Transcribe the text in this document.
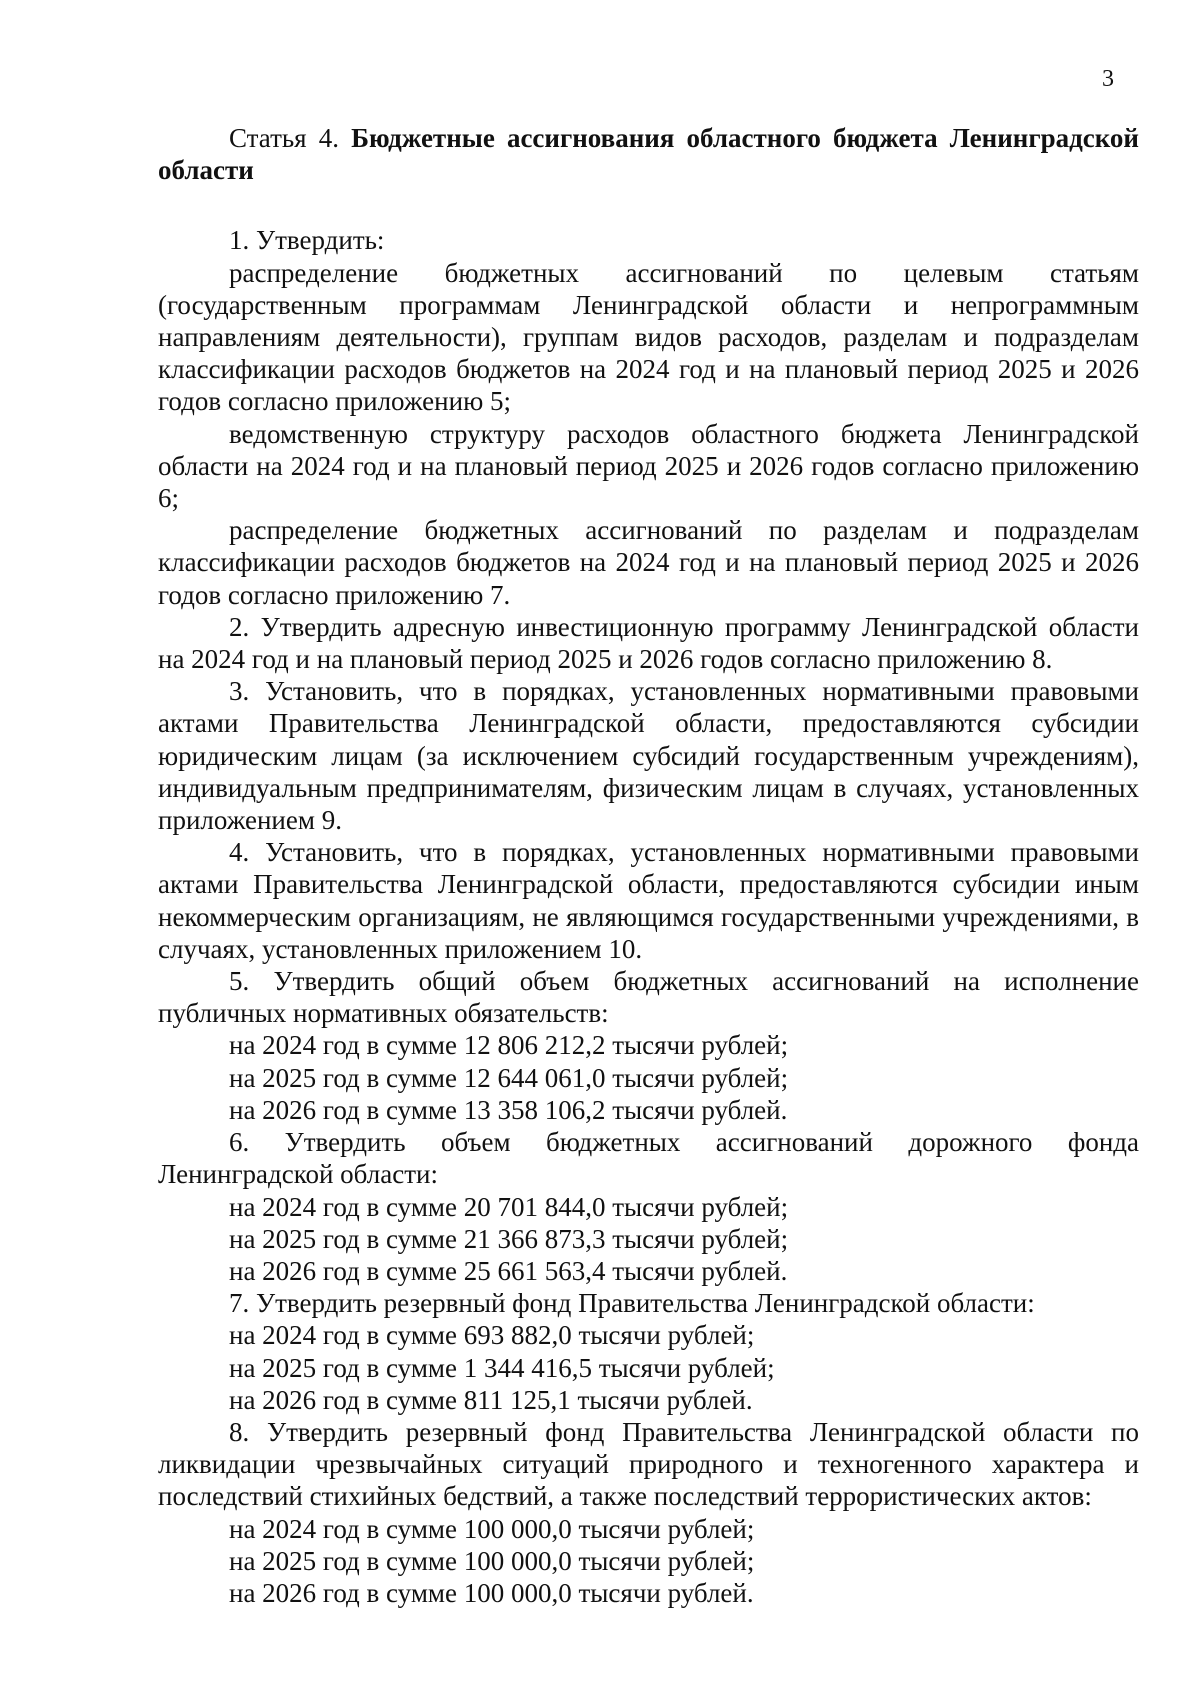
3
Статья 4. Бюджетные ассигнования областного бюджета Ленинградской области

1. Утвердить:

распределение бюджетных ассигнований по целевым статьям (государственным программам Ленинградской области и непрограммным направлениям деятельности), группам видов расходов, разделам и подразделам классификации расходов бюджетов на 2024 год и на плановый период 2025 и 2026 годов согласно приложению 5;

ведомственную структуру расходов областного бюджета Ленинградской области на 2024 год и на плановый период 2025 и 2026 годов согласно приложению 6;

распределение бюджетных ассигнований по разделам и подразделам классификации расходов бюджетов на 2024 год и на плановый период 2025 и 2026 годов согласно приложению 7.

2. Утвердить адресную инвестиционную программу Ленинградской области на 2024 год и на плановый период 2025 и 2026 годов согласно приложению 8.

3. Установить, что в порядках, установленных нормативными правовыми актами Правительства Ленинградской области, предоставляются субсидии юридическим лицам (за исключением субсидий государственным учреждениям), индивидуальным предпринимателям, физическим лицам в случаях, установленных приложением 9.

4. Установить, что в порядках, установленных нормативными правовыми актами Правительства Ленинградской области, предоставляются субсидии иным некоммерческим организациям, не являющимся государственными учреждениями, в случаях, установленных приложением 10.

5. Утвердить общий объем бюджетных ассигнований на исполнение публичных нормативных обязательств:

на 2024 год в сумме 12 806 212,2 тысячи рублей;

на 2025 год в сумме 12 644 061,0 тысячи рублей;

на 2026 год в сумме 13 358 106,2 тысячи рублей.

6. Утвердить объем бюджетных ассигнований дорожного фонда Ленинградской области:

на 2024 год в сумме 20 701 844,0 тысячи рублей;

на 2025 год в сумме 21 366 873,3 тысячи рублей;

на 2026 год в сумме 25 661 563,4 тысячи рублей.

7. Утвердить резервный фонд Правительства Ленинградской области:

на 2024 год в сумме 693 882,0 тысячи рублей;

на 2025 год в сумме 1 344 416,5 тысячи рублей;

на 2026 год в сумме 811 125,1 тысячи рублей.

8. Утвердить резервный фонд Правительства Ленинградской области по ликвидации чрезвычайных ситуаций природного и техногенного характера и последствий стихийных бедствий, а также последствий террористических актов:

на 2024 год в сумме 100 000,0 тысячи рублей;

на 2025 год в сумме 100 000,0 тысячи рублей;

на 2026 год в сумме 100 000,0 тысячи рублей.
